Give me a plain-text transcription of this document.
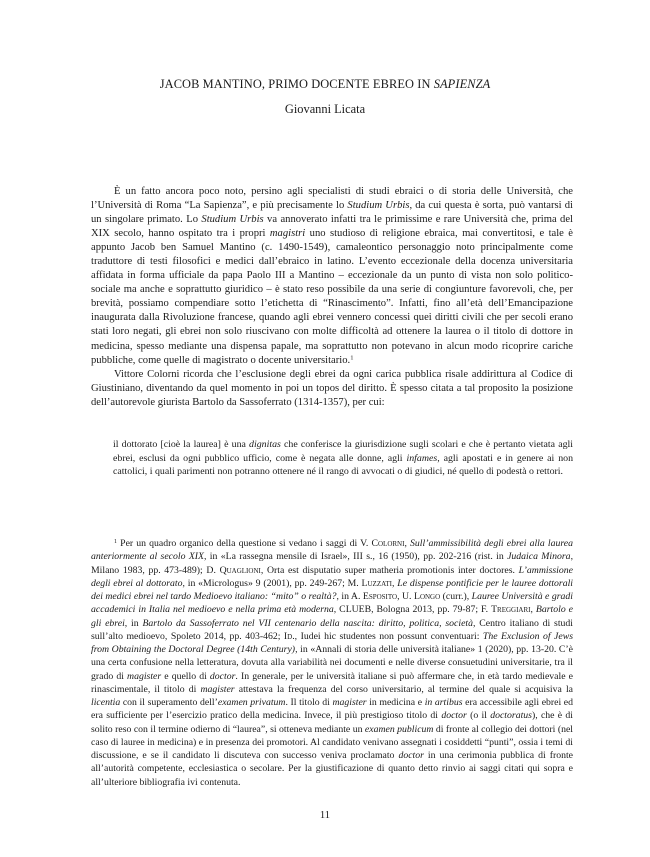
JACOB MANTINO, PRIMO DOCENTE EBREO IN SAPIENZA
Giovanni Licata

È un fatto ancora poco noto, persino agli specialisti di studi ebraici o di storia delle Università, che l’Università di Roma “La Sapienza”, e più precisamente lo Studium Urbis, da cui questa è sorta, può vantarsi di un singolare primato. Lo Studium Urbis va annoverato infatti tra le primissime e rare Università che, prima del XIX secolo, hanno ospitato tra i propri magistri uno studioso di religione ebraica, mai convertitosi, e tale è appunto Jacob ben Samuel Mantino (c. 1490-1549), camaleontico personaggio noto principalmente come traduttore di testi filosofici e medici dall’ebraico in latino. L’evento eccezionale della docenza universitaria affidata in forma ufficiale da papa Paolo III a Mantino – eccezionale da un punto di vista non solo politico-sociale ma anche e soprattutto giuridico – è stato reso possibile da una serie di congiunture favorevoli, che, per brevità, possiamo compendiare sotto l’etichetta di “Rinascimento”. Infatti, fino all’età dell’Emancipazione inaugurata dalla Rivoluzione francese, quando agli ebrei vennero concessi quei diritti civili che per secoli erano stati loro negati, gli ebrei non solo riuscivano con molte difficoltà ad ottenere la laurea o il titolo di dottore in medicina, spesso mediante una dispensa papale, ma soprattutto non potevano in alcun modo ricoprire cariche pubbliche, come quelle di magistrato o docente universitario.$^1$

Vittore Colorni ricorda che l’esclusione degli ebrei da ogni carica pubblica risale addirittura al Codice di Giustiniano, diventando da quel momento in poi un topos del diritto. È spesso citata a tal proposito la posizione dell’autorevole giurista Bartolo da Sassoferrato (1314-1357), per cui:

il dottorato [cioè la laurea] è una dignitas che conferisce la giurisdizione sugli scolari e che è pertanto vietata agli ebrei, esclusi da ogni pubblico ufficio, come è negata alle donne, agli infames, agli apostati e in genere ai non cattolici, i quali parimenti non potranno ottenere né il rango di avvocati o di giudici, né quello di podestà o rettori.

$^1$ Per un quadro organico della questione si vedano i saggi di V. Colorni, Sull’ammissibilità degli ebrei alla laurea anteriormente al secolo XIX, in «La rassegna mensile di Israel», III s., 16 (1950), pp. 202-216 (rist. in Judaica Minora, Milano 1983, pp. 473-489); D. Quaglioni, Orta est disputatio super matheria promotionis inter doctores. L’ammissione degli ebrei al dottorato, in «Micrologus» 9 (2001), pp. 249-267; M. Luzzati, Le dispense pontificie per le lauree dottorali dei medici ebrei nel tardo Medioevo italiano: “mito” o realtà?, in A. Esposito, U. Longo (curr.), Lauree Università e gradi accademici in Italia nel medioevo e nella prima età moderna, CLUEB, Bologna 2013, pp. 79-87; F. Treggiari, Bartolo e gli ebrei, in Bartolo da Sassoferrato nel VII centenario della nascita: diritto, politica, società, Centro italiano di studi sull’alto medioevo, Spoleto 2014, pp. 403-462; Id., Iudei hic studentes non possunt conventuari: The Exclusion of Jews from Obtaining the Doctoral Degree (14th Century), in «Annali di storia delle università italiane» 1 (2020), pp. 13-20. C’è una certa confusione nella letteratura, dovuta alla variabilità nei documenti e nelle diverse consuetudini universitarie, tra il grado di magister e quello di doctor. In generale, per le università italiane si può affermare che, in età tardo medievale e rinascimentale, il titolo di magister attestava la frequenza del corso universitario, al termine del quale si acquisiva la licentia con il superamento dell’examen privatum. Il titolo di magister in medicina e in artibus era accessibile agli ebrei ed era sufficiente per l’esercizio pratico della medicina. Invece, il più prestigioso titolo di doctor (o il doctoratus), che è di solito reso con il termine odierno di “laurea”, si otteneva mediante un examen publicum di fronte al collegio dei dottori (nel caso di lauree in medicina) e in presenza dei promotori. Al candidato venivano assegnati i cosiddetti “punti”, ossia i temi di discussione, e se il candidato li discuteva con successo veniva proclamato doctor in una cerimonia pubblica di fronte all’autorità competente, ecclesiastica o secolare. Per la giustificazione di quanto detto rinvio ai saggi citati qui sopra e all’ulteriore bibliografia ivi contenuta.

11
